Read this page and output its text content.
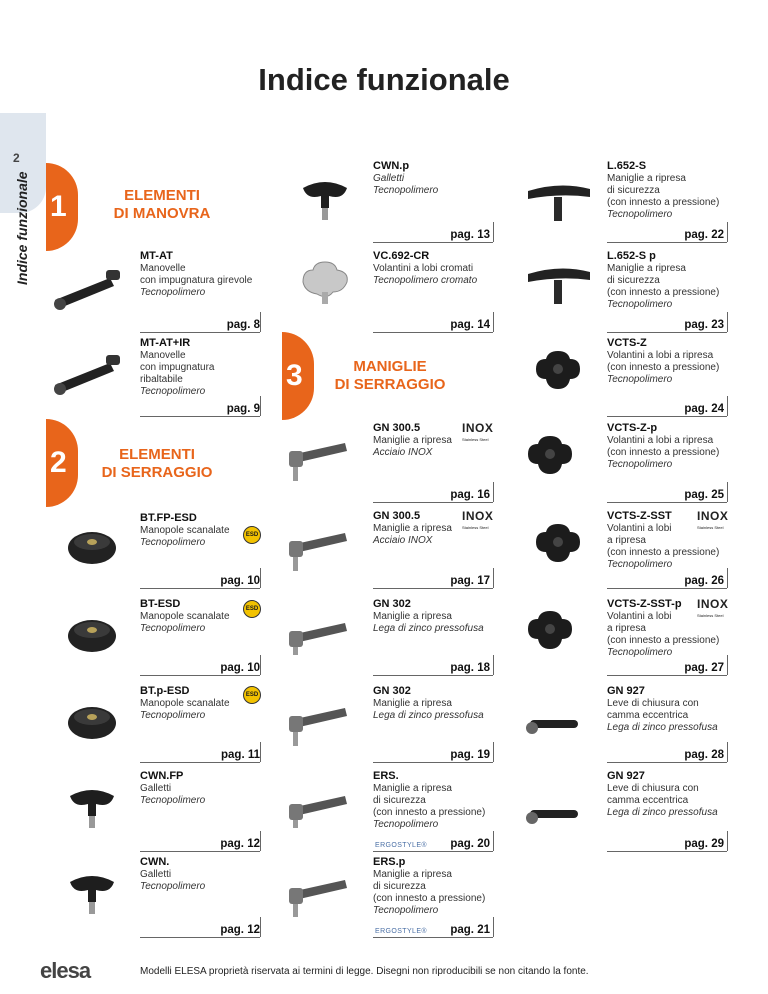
Indice funzionale
2
Indice funzionale 1	ELEMENTI
DI MANOVRA
2	ELEMENTI
DI SERRAGGIO
3	MANIGLIE
DI SERRAGGIO
MT-AT
Manovelle
con impugnatura girevole
Tecnopolimero
pag. 8
MT-AT+IR
Manovelle
con impugnatura
ribaltabile
Tecnopolimero
pag. 9
BT.FP-ESD
Manopole scanalate
Tecnopolimero
ESD
pag. 10
BT-ESD
Manopole scanalate
Tecnopolimero
ESD
pag. 10
BT.p-ESD
Manopole scanalate
Tecnopolimero
ESD
pag. 11
CWN.FP
Galletti
Tecnopolimero
pag. 12
CWN.
Galletti
Tecnopolimero
pag. 12
CWN.p
Galletti
Tecnopolimero
pag. 13
VC.692-CR
Volantini a lobi cromati
Tecnopolimero cromato
pag. 14
GN 300.5
Maniglie a ripresa
Acciaio INOX
INOX
Stainless Steel
pag. 16
GN 300.5
Maniglie a ripresa
Acciaio INOX
INOX
Stainless Steel
pag. 17
GN 302
Maniglie a ripresa
Lega di zinco pressofusa
pag. 18
GN 302
Maniglie a ripresa
Lega di zinco pressofusa
pag. 19
ERS.
Maniglie a ripresa
di sicurezza
(con innesto a pressione)
Tecnopolimero
ERGOSTYLE®	pag. 20
ERS.p
Maniglie a ripresa
di sicurezza
(con innesto a pressione)
Tecnopolimero
ERGOSTYLE®	pag. 21
L.652-S
Maniglie a ripresa
di sicurezza
(con innesto a pressione)
Tecnopolimero
pag. 22
L.652-S p
Maniglie a ripresa
di sicurezza
(con innesto a pressione)
Tecnopolimero
pag. 23
VCTS-Z
Volantini a lobi a ripresa
(con innesto a pressione)
Tecnopolimero
pag. 24
VCTS-Z-p
Volantini a lobi a ripresa
(con innesto a pressione)
Tecnopolimero
pag. 25
VCTS-Z-SST
Volantini a lobi
a ripresa
(con innesto a pressione)
Tecnopolimero
INOX
Stainless Steel
pag. 26
VCTS-Z-SST-p
Volantini a lobi
a ripresa
(con innesto a pressione)
Tecnopolimero
INOX
Stainless Steel
pag. 27
GN 927
Leve di chiusura con
camma eccentrica
Lega di zinco pressofusa
pag. 28
GN 927
Leve di chiusura con
camma eccentrica
Lega di zinco pressofusa
pag. 29
elesa	Modelli ELESA proprietà riservata ai termini di legge. Disegni non riproducibili se non citando la fonte.
